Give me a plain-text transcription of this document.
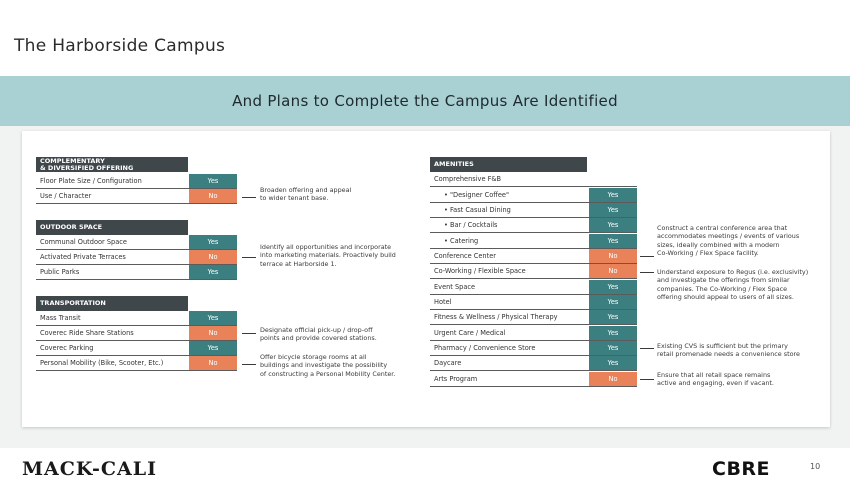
The Harborside Campus
And Plans to Complete the Campus Are Identified
COMPLEMENTARY
& DIVERSIFIED OFFERING
Floor Plate Size / Configuration	Yes
Use / Character	No
OUTDOOR SPACE
Communal Outdoor Space	Yes
Activated Private Terraces	No
Public Parks	Yes
TRANSPORTATION
Mass Transit	Yes
Coverec Ride Share Stations	No
Coverec Parking	Yes
Personal Mobility (Bike, Scooter, Etc.)	No
Broaden offering and appeal
to wider tenant base.
Identify all opportunities and incorporate
into marketing materials. Proactively build
terrace at Harborside 1.
Designate official pick-up / drop-off
points and provide covered stations.
Offer bicycle storage rooms at all
buildings and investigate the possibility
of constructing a Personal Mobility Center.
AMENITIES
Comprehensive F&B
• "Designer Coffee"	Yes
• Fast Casual Dining	Yes
• Bar / Cocktails	Yes
• Catering	Yes
Conference Center	No
Co-Working / Flexible Space	No
Event Space	Yes
Hotel	Yes
Fitness & Wellness / Physical Therapy	Yes
Urgent Care / Medical	Yes
Pharmacy / Convenience Store	Yes
Daycare	Yes
Arts Program	No
Construct a central conference area that
accommodates meetings / events of various
sizes, ideally combined with a modern
Co-Working / Flex Space facility.
Understand exposure to Regus (i.e. exclusivity)
and investigate the offerings from similar
companies. The Co-Working / Flex Space
offering should appeal to users of all sizes.
Existing CVS is sufficient but the primary
retail promenade needs a convenience store
Ensure that all retail space remains
active and engaging, even if vacant.
MACK-CALI	CBRE	10
